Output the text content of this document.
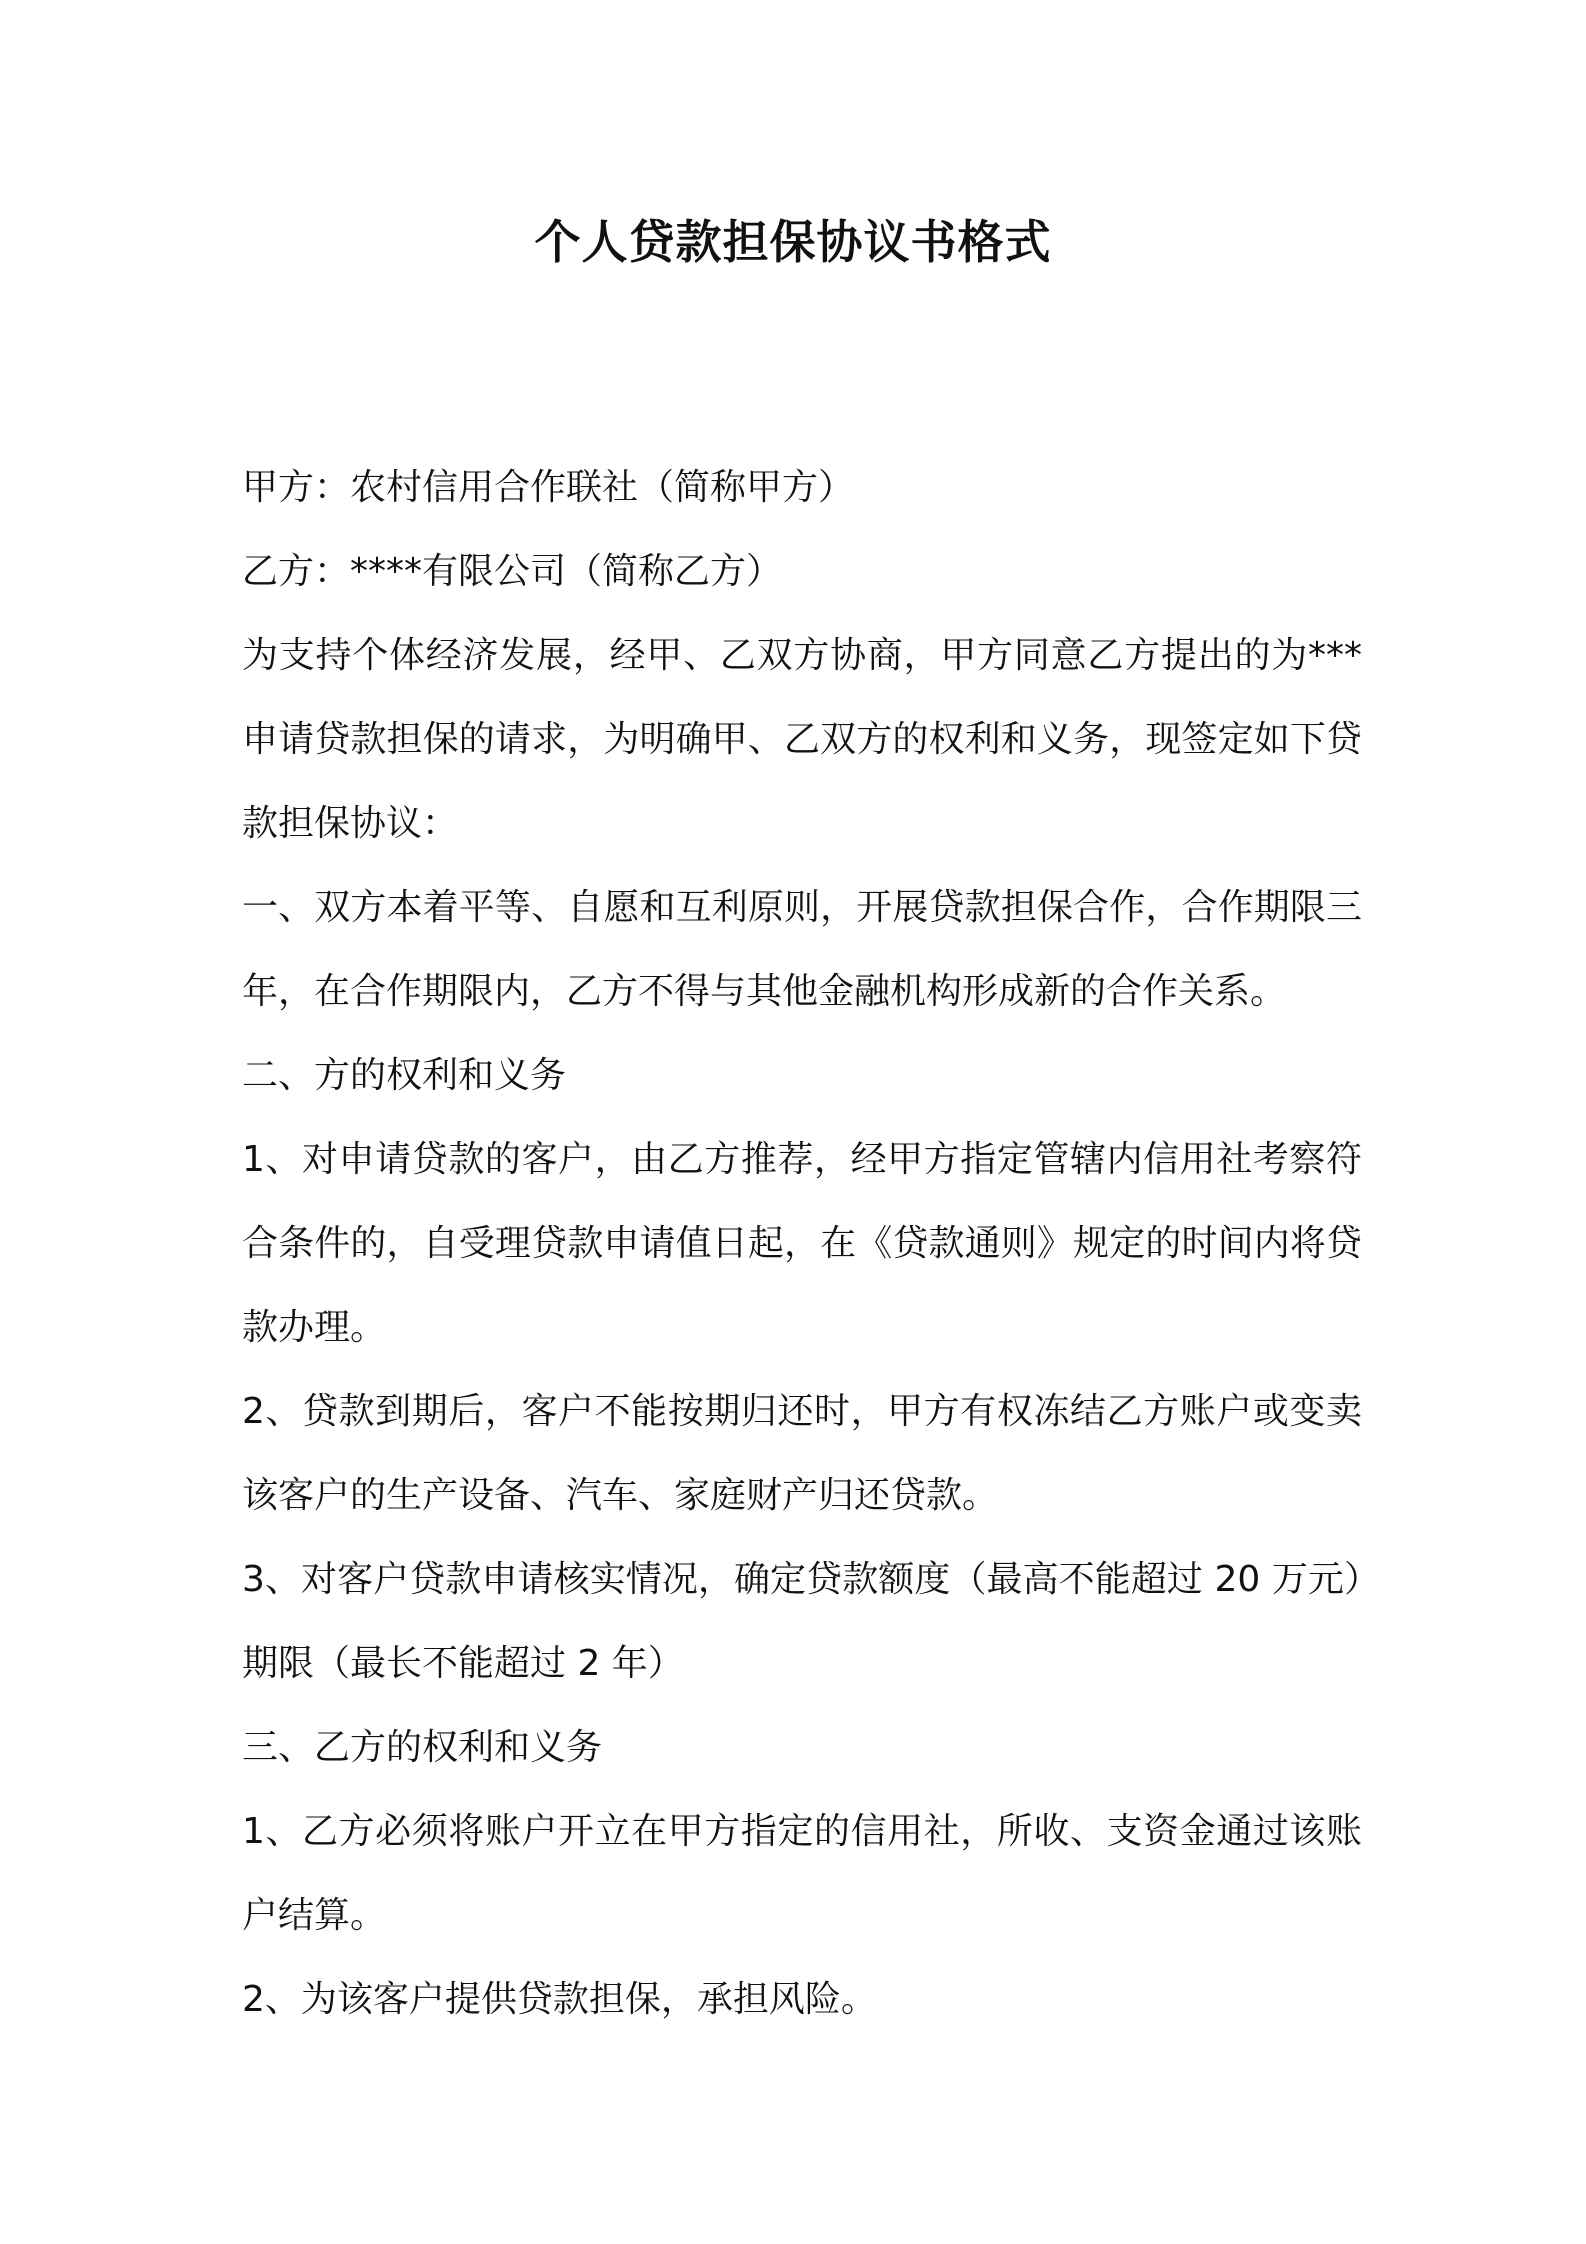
个人贷款担保协议书格式

甲方：农村信用合作联社（简称甲方）

乙方：****有限公司（简称乙方）

为支持个体经济发展，经甲、乙双方协商，甲方同意乙方提出的为***申请贷款担保的请求，为明确甲、乙双方的权利和义务，现签定如下贷款担保协议：

一、双方本着平等、自愿和互利原则，开展贷款担保合作，合作期限三年，在合作期限内，乙方不得与其他金融机构形成新的合作关系。

二、方的权利和义务

1、对申请贷款的客户，由乙方推荐，经甲方指定管辖内信用社考察符合条件的，自受理贷款申请值日起，在《贷款通则》规定的时间内将贷款办理。

2、贷款到期后，客户不能按期归还时，甲方有权冻结乙方账户或变卖该客户的生产设备、汽车、家庭财产归还贷款。

3、对客户贷款申请核实情况，确定贷款额度（最高不能超过 20 万元）期限（最长不能超过 2 年）

三、乙方的权利和义务

1、乙方必须将账户开立在甲方指定的信用社，所收、支资金通过该账户结算。

2、为该客户提供贷款担保，承担风险。
